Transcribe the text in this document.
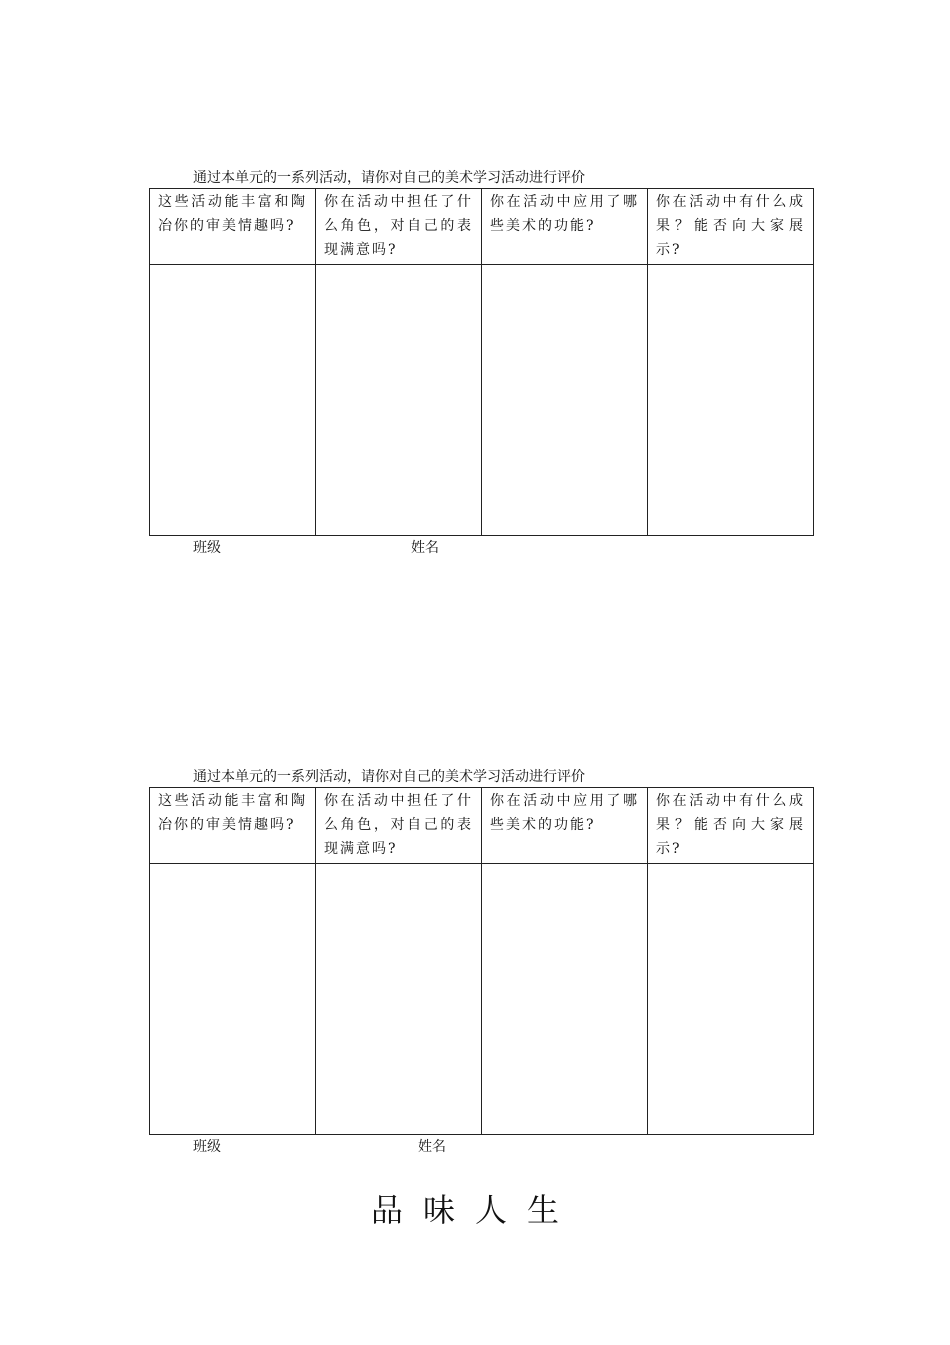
通过本单元的一系列活动，请你对自己的美术学习活动进行评价
这些活动能丰富和陶冶你的审美情趣吗?	你在活动中担任了什么角色，对自己的表现满意吗?	你在活动中应用了哪些美术的功能?	你在活动中有什么成果？能否向大家展示?

班级	姓名
通过本单元的一系列活动，请你对自己的美术学习活动进行评价
这些活动能丰富和陶冶你的审美情趣吗?	你在活动中担任了什么角色，对自己的表现满意吗?	你在活动中应用了哪些美术的功能?	你在活动中有什么成果？能否向大家展示?

班级	姓名
品味人生
